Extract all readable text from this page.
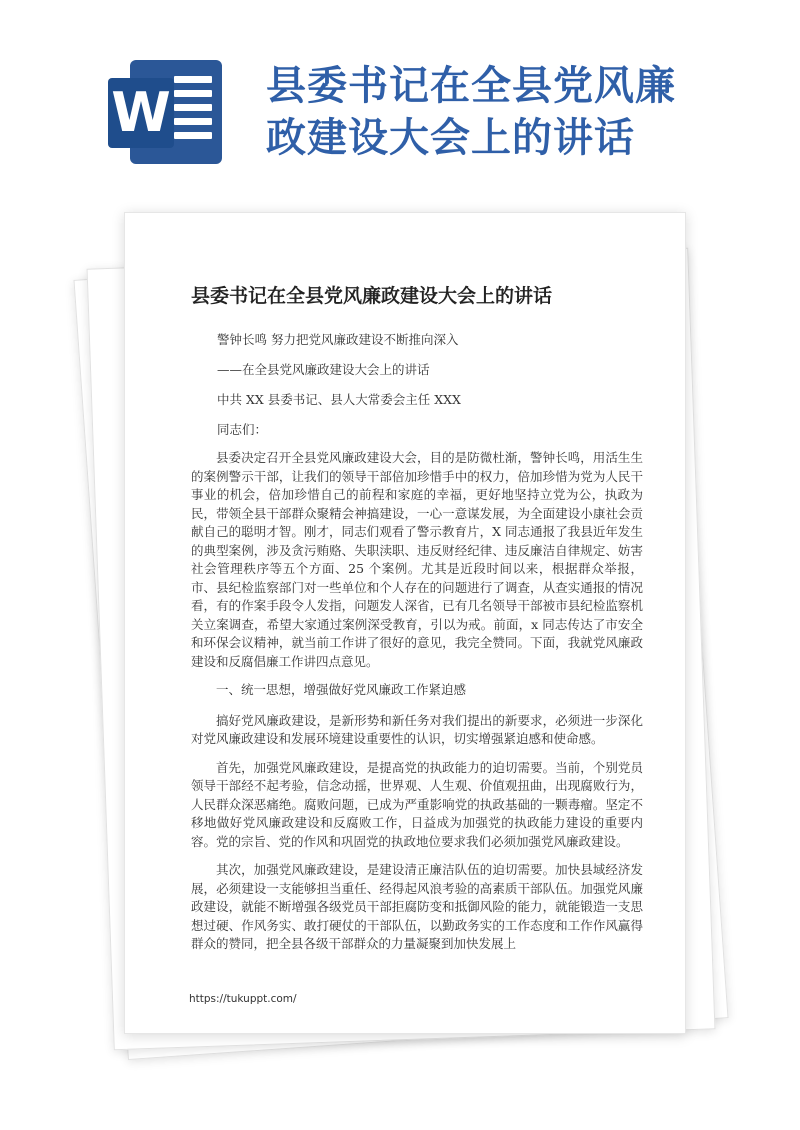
W 县委书记在全县党风廉政建设大会上的讲话
县委书记在全县党风廉政建设大会上的讲话
警钟长鸣 努力把党风廉政建设不断推向深入
——在全县党风廉政建设大会上的讲话
中共 XX 县委书记、县人大常委会主任 XXX
同志们：

县委决定召开全县党风廉政建设大会，目的是防微杜渐，警钟长鸣，用活生生的案例警示干部，让我们的领导干部倍加珍惜手中的权力，倍加珍惜为党为人民干事业的机会，倍加珍惜自己的前程和家庭的幸福，更好地坚持立党为公，执政为民，带领全县干部群众聚精会神搞建设，一心一意谋发展，为全面建设小康社会贡献自己的聪明才智。刚才，同志们观看了警示教育片，X 同志通报了我县近年发生的典型案例，涉及贪污贿赂、失职渎职、违反财经纪律、违反廉洁自律规定、妨害社会管理秩序等五个方面、25 个案例。尤其是近段时间以来，根据群众举报，市、县纪检监察部门对一些单位和个人存在的问题进行了调查，从查实通报的情况看，有的作案手段令人发指，问题发人深省，已有几名领导干部被市县纪检监察机关立案调查，希望大家通过案例深受教育，引以为戒。前面，x 同志传达了市安全和环保会议精神，就当前工作讲了很好的意见，我完全赞同。下面，我就党风廉政建设和反腐倡廉工作讲四点意见。

一、统一思想，增强做好党风廉政工作紧迫感

搞好党风廉政建设，是新形势和新任务对我们提出的新要求，必须进一步深化对党风廉政建设和发展环境建设重要性的认识，切实增强紧迫感和使命感。

首先，加强党风廉政建设，是提高党的执政能力的迫切需要。当前，个别党员领导干部经不起考验，信念动摇，世界观、人生观、价值观扭曲，出现腐败行为，人民群众深恶痛绝。腐败问题，已成为严重影响党的执政基础的一颗毒瘤。坚定不移地做好党风廉政建设和反腐败工作，日益成为加强党的执政能力建设的重要内容。党的宗旨、党的作风和巩固党的执政地位要求我们必须加强党风廉政建设。

其次，加强党风廉政建设，是建设清正廉洁队伍的迫切需要。加快县域经济发展，必须建设一支能够担当重任、经得起风浪考验的高素质干部队伍。加强党风廉政建设，就能不断增强各级党员干部拒腐防变和抵御风险的能力，就能锻造一支思想过硬、作风务实、敢打硬仗的干部队伍，以勤政务实的工作态度和工作作风赢得群众的赞同，把全县各级干部群众的力量凝聚到加快发展上

https://tukuppt.com/
